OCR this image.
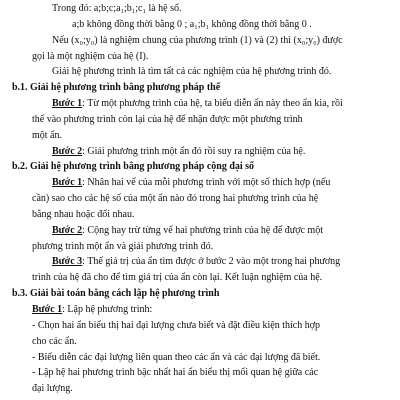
Trong đó: a;b;c;a₁;b₁;c₁ là hệ số.
a;b không đồng thời bằng 0 ; a₁;b₁ không đồng thời bằng 0 .
Nếu (x₀;y₀) là nghiệm chung của phương trình (1) và (2) thì (x₀;y₀) được
gọi là một nghiệm của hệ (I).
Giải hệ phương trình là tìm tất cả các nghiệm của hệ phương trình đó.
b.1. Giải hệ phương trình bằng phương pháp thế
Bước 1: Từ một phương trình của hệ, ta biểu diễn ẩn này theo ẩn kia, rồi
thế vào phương trình còn lại của hệ để nhận được một phương trình
một ẩn.
Bước 2: Giải phương trình một ẩn đó rồi suy ra nghiệm của hệ.
b.2. Giải hệ phương trình bằng phương pháp cộng đại số
Bước 1: Nhân hai vế của mỗi phương trình với một số thích hợp (nếu
cần) sao cho các hệ số của một ẩn nào đó trong hai phương trình của hệ
bằng nhau hoặc đối nhau.
Bước 2: Cộng hay trừ từng vế hai phương trình của hệ để được một
phương trình một ẩn và giải phương trình đó.
Bước 3: Thế giá trị của ẩn tìm được ở bước 2 vào một trong hai phương
trình của hệ đã cho để tìm giá trị của ẩn còn lại. Kết luận nghiệm của hệ.
b.3. Giải bài toán bằng cách lập hệ phương trình
Bước 1: Lập hệ phương trình:
- Chọn hai ẩn biểu thị hai đại lượng chưa biết và đặt điều kiện thích hợp
cho các ẩn.
- Biểu diễn các đại lượng liên quan theo các ẩn và các đại lượng đã biết.
- Lập hệ hai phương trình bậc nhất hai ẩn biểu thị mối quan hệ giữa các
đại lượng.
